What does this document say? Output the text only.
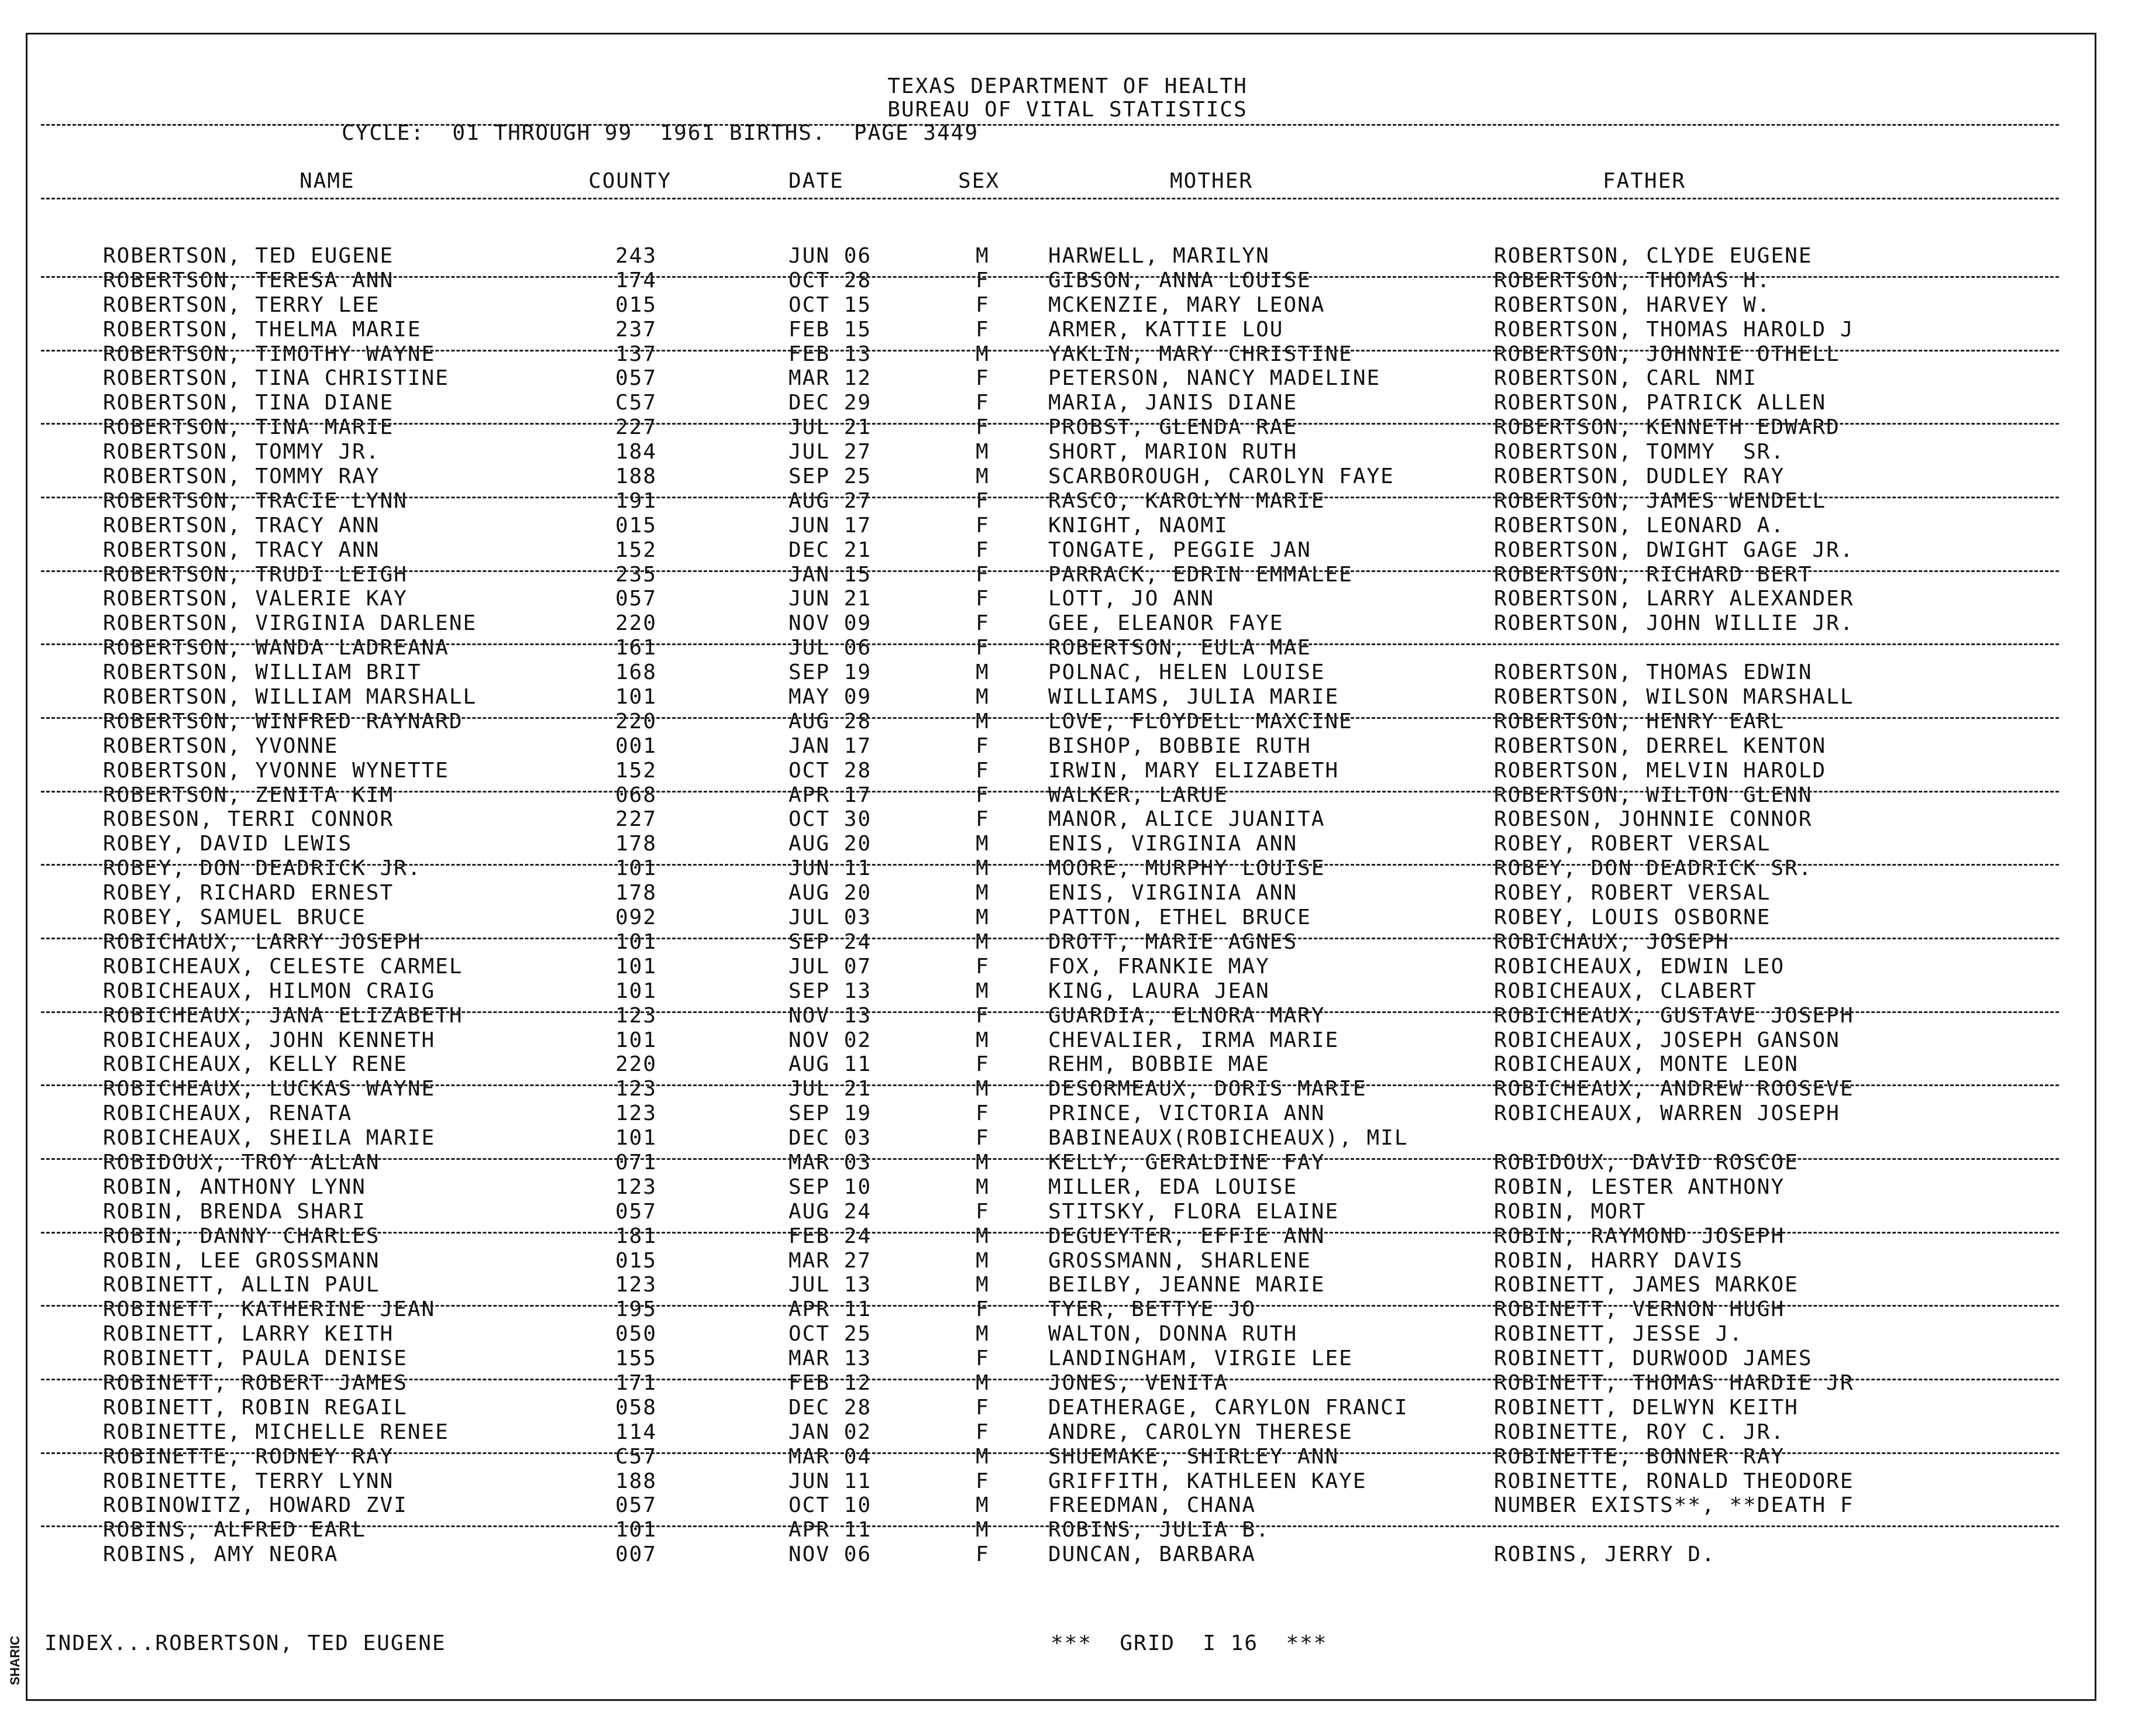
TEXAS DEPARTMENT OF HEALTH
BUREAU OF VITAL STATISTICS
CYCLE:  01 THROUGH 99  1961 BIRTHS.  PAGE 3449
NAME	COUNTY	DATE	SEX	MOTHER	FATHER
ROBERTSON, TED EUGENE	243	JUN 06	M	HARWELL, MARILYN	ROBERTSON, CLYDE EUGENE
ROBERTSON, TERESA ANN	174	OCT 28	F	GIBSON, ANNA LOUISE	ROBERTSON, THOMAS H.
ROBERTSON, TERRY LEE	015	OCT 15	F	MCKENZIE, MARY LEONA	ROBERTSON, HARVEY W.
ROBERTSON, THELMA MARIE	237	FEB 15	F	ARMER, KATTIE LOU	ROBERTSON, THOMAS HAROLD J
ROBERTSON, TIMOTHY WAYNE	137	FEB 13	M	YAKLIN, MARY CHRISTINE	ROBERTSON, JOHNNIE OTHELL
ROBERTSON, TINA CHRISTINE	057	MAR 12	F	PETERSON, NANCY MADELINE	ROBERTSON, CARL NMI
ROBERTSON, TINA DIANE	C57	DEC 29	F	MARIA, JANIS DIANE	ROBERTSON, PATRICK ALLEN
ROBERTSON, TINA MARIE	227	JUL 21	F	PROBST, GLENDA RAE	ROBERTSON, KENNETH EDWARD
ROBERTSON, TOMMY JR.	184	JUL 27	M	SHORT, MARION RUTH	ROBERTSON, TOMMY  SR.
ROBERTSON, TOMMY RAY	188	SEP 25	M	SCARBOROUGH, CAROLYN FAYE	ROBERTSON, DUDLEY RAY
ROBERTSON, TRACIE LYNN	191	AUG 27	F	RASCO, KAROLYN MARIE	ROBERTSON, JAMES WENDELL
ROBERTSON, TRACY ANN	015	JUN 17	F	KNIGHT, NAOMI	ROBERTSON, LEONARD A.
ROBERTSON, TRACY ANN	152	DEC 21	F	TONGATE, PEGGIE JAN	ROBERTSON, DWIGHT GAGE JR.
ROBERTSON, TRUDI LEIGH	235	JAN 15	F	PARRACK, EDRIN EMMALEE	ROBERTSON, RICHARD BERT
ROBERTSON, VALERIE KAY	057	JUN 21	F	LOTT, JO ANN	ROBERTSON, LARRY ALEXANDER
ROBERTSON, VIRGINIA DARLENE	220	NOV 09	F	GEE, ELEANOR FAYE	ROBERTSON, JOHN WILLIE JR.
ROBERTSON, WANDA LADREANA	161	JUL 06	F	ROBERTSON, EULA MAE
ROBERTSON, WILLIAM BRIT	168	SEP 19	M	POLNAC, HELEN LOUISE	ROBERTSON, THOMAS EDWIN
ROBERTSON, WILLIAM MARSHALL	101	MAY 09	M	WILLIAMS, JULIA MARIE	ROBERTSON, WILSON MARSHALL
ROBERTSON, WINFRED RAYNARD	220	AUG 28	M	LOVE, FLOYDELL MAXCINE	ROBERTSON, HENRY EARL
ROBERTSON, YVONNE	001	JAN 17	F	BISHOP, BOBBIE RUTH	ROBERTSON, DERREL KENTON
ROBERTSON, YVONNE WYNETTE	152	OCT 28	F	IRWIN, MARY ELIZABETH	ROBERTSON, MELVIN HAROLD
ROBERTSON, ZENITA KIM	068	APR 17	F	WALKER, LARUE	ROBERTSON, WILTON GLENN
ROBESON, TERRI CONNOR	227	OCT 30	F	MANOR, ALICE JUANITA	ROBESON, JOHNNIE CONNOR
ROBEY, DAVID LEWIS	178	AUG 20	M	ENIS, VIRGINIA ANN	ROBEY, ROBERT VERSAL
ROBEY, DON DEADRICK JR.	101	JUN 11	M	MOORE, MURPHY LOUISE	ROBEY, DON DEADRICK SR.
ROBEY, RICHARD ERNEST	178	AUG 20	M	ENIS, VIRGINIA ANN	ROBEY, ROBERT VERSAL
ROBEY, SAMUEL BRUCE	092	JUL 03	M	PATTON, ETHEL BRUCE	ROBEY, LOUIS OSBORNE
ROBICHAUX, LARRY JOSEPH	101	SEP 24	M	DROTT, MARIE AGNES	ROBICHAUX, JOSEPH
ROBICHEAUX, CELESTE CARMEL	101	JUL 07	F	FOX, FRANKIE MAY	ROBICHEAUX, EDWIN LEO
ROBICHEAUX, HILMON CRAIG	101	SEP 13	M	KING, LAURA JEAN	ROBICHEAUX, CLABERT
ROBICHEAUX, JANA ELIZABETH	123	NOV 13	F	GUARDIA, ELNORA MARY	ROBICHEAUX, GUSTAVE JOSEPH
ROBICHEAUX, JOHN KENNETH	101	NOV 02	M	CHEVALIER, IRMA MARIE	ROBICHEAUX, JOSEPH GANSON
ROBICHEAUX, KELLY RENE	220	AUG 11	F	REHM, BOBBIE MAE	ROBICHEAUX, MONTE LEON
ROBICHEAUX, LUCKAS WAYNE	123	JUL 21	M	DESORMEAUX, DORIS MARIE	ROBICHEAUX, ANDREW ROOSEVE
ROBICHEAUX, RENATA	123	SEP 19	F	PRINCE, VICTORIA ANN	ROBICHEAUX, WARREN JOSEPH
ROBICHEAUX, SHEILA MARIE	101	DEC 03	F	BABINEAUX(ROBICHEAUX), MIL
ROBIDOUX, TROY ALLAN	071	MAR 03	M	KELLY, GERALDINE FAY	ROBIDOUX, DAVID ROSCOE
ROBIN, ANTHONY LYNN	123	SEP 10	M	MILLER, EDA LOUISE	ROBIN, LESTER ANTHONY
ROBIN, BRENDA SHARI	057	AUG 24	F	STITSKY, FLORA ELAINE	ROBIN, MORT
ROBIN, DANNY CHARLES	181	FEB 24	M	DEGUEYTER, EFFIE ANN	ROBIN, RAYMOND JOSEPH
ROBIN, LEE GROSSMANN	015	MAR 27	M	GROSSMANN, SHARLENE	ROBIN, HARRY DAVIS
ROBINETT, ALLIN PAUL	123	JUL 13	M	BEILBY, JEANNE MARIE	ROBINETT, JAMES MARKOE
ROBINETT, KATHERINE JEAN	195	APR 11	F	TYER, BETTYE JO	ROBINETT, VERNON HUGH
ROBINETT, LARRY KEITH	050	OCT 25	M	WALTON, DONNA RUTH	ROBINETT, JESSE J.
ROBINETT, PAULA DENISE	155	MAR 13	F	LANDINGHAM, VIRGIE LEE	ROBINETT, DURWOOD JAMES
ROBINETT, ROBERT JAMES	171	FEB 12	M	JONES, VENITA	ROBINETT, THOMAS HARDIE JR
ROBINETT, ROBIN REGAIL	058	DEC 28	F	DEATHERAGE, CARYLON FRANCI	ROBINETT, DELWYN KEITH
ROBINETTE, MICHELLE RENEE	114	JAN 02	F	ANDRE, CAROLYN THERESE	ROBINETTE, ROY C. JR.
ROBINETTE, RODNEY RAY	C57	MAR 04	M	SHUEMAKE, SHIRLEY ANN	ROBINETTE, BONNER RAY
ROBINETTE, TERRY LYNN	188	JUN 11	F	GRIFFITH, KATHLEEN KAYE	ROBINETTE, RONALD THEODORE
ROBINOWITZ, HOWARD ZVI	057	OCT 10	M	FREEDMAN, CHANA	NUMBER EXISTS**, **DEATH F
ROBINS, ALFRED EARL	101	APR 11	M	ROBINS, JULIA B.
ROBINS, AMY NEORA	007	NOV 06	F	DUNCAN, BARBARA	ROBINS, JERRY D.
INDEX...ROBERTSON, TED EUGENE	***  GRID  I 16  ***
SHARIC
